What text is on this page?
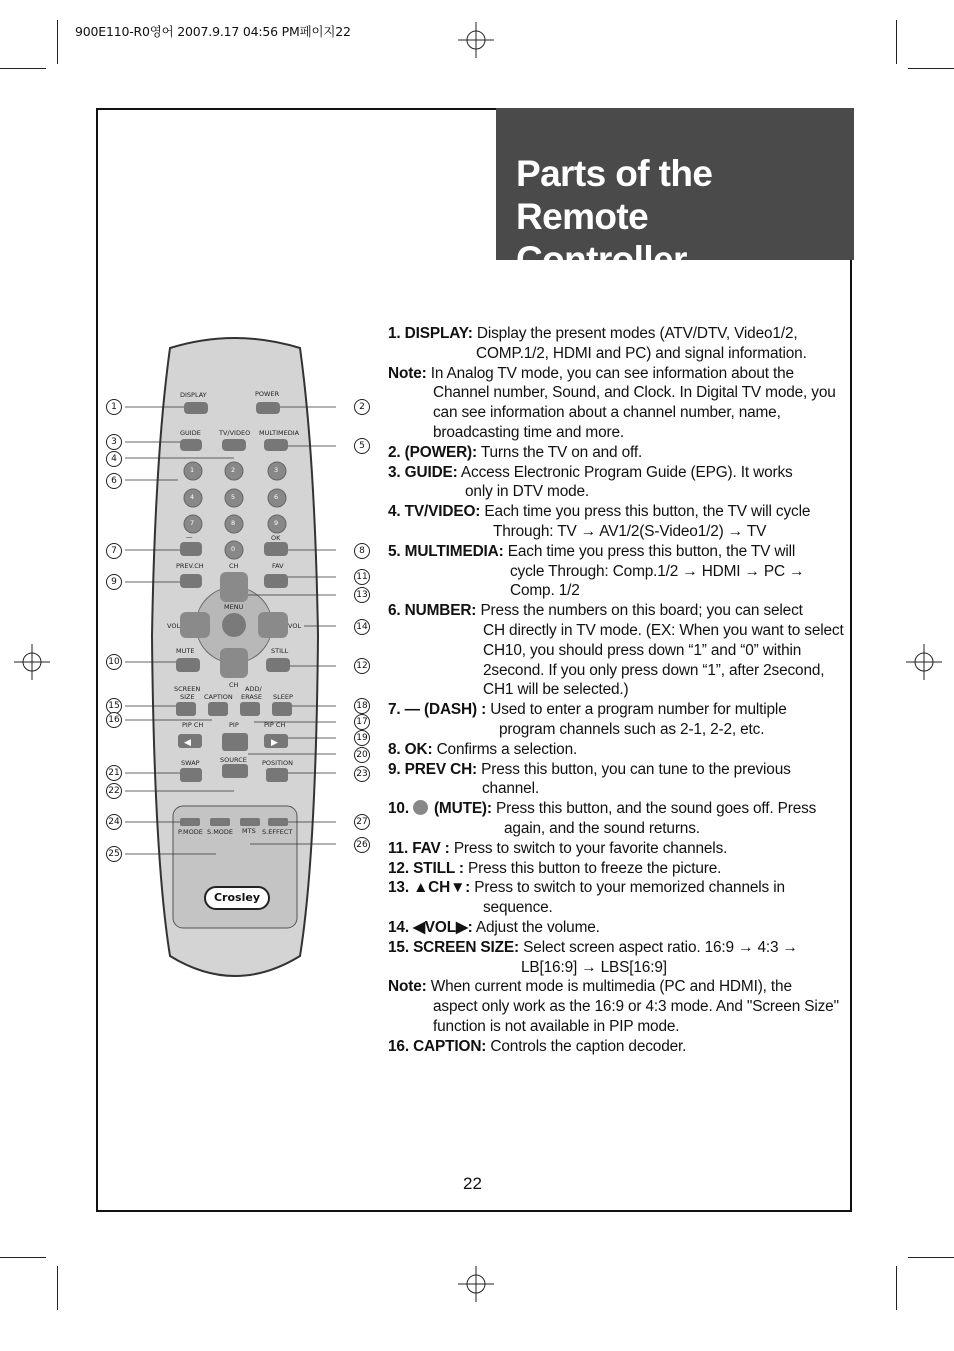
900E110-R0영어 2007.9.17 04:56 PM페이지22
Parts of the Remote
Controller
◀	▶
DISPLAY	POWER
GUIDE	TV/VIDEO MULTIMEDIA
1	2	3
4	5	6
7	8	9
0
—	OK
PREV.CH	CH	FAV
MENU
VOL	VOL
MUTE	STILL
CH
SCREEN
SIZE CAPTION
ADD/
ERASE SLEEP
PIP CH	PIP	PIP CH
SWAP	SOURCE POSITION
P.MODE S.MODE MTS S.EFFECT
Crosley
1	2
3
4
5
6
7	8
9
10
11
12
13
14
15
16	17
18
19
20
21
22
23
24
25
26
27
1. DISPLAY: Display the present modes (ATV/DTV, Video1/2,
COMP.1/2, HDMI and PC) and signal information.
Note: In Analog TV mode, you can see information about the
Channel number, Sound, and Clock. In Digital TV mode, you can see information about a channel number, name, broadcasting time and more.
2. (POWER): Turns the TV on and off.
3. GUIDE: Access Electronic Program Guide (EPG). It works
only in DTV mode.
4. TV/VIDEO: Each time you press this button, the TV will cycle
Through: TV → AV1/2(S-Video1/2) → TV
5. MULTIMEDIA: Each time you press this button, the TV will
cycle Through: Comp.1/2 → HDMI → PC → Comp. 1/2
6. NUMBER: Press the numbers on this board; you can select
CH directly in TV mode. (EX: When you want to select CH10, you should press down “1” and “0” within 2second. If you only press down “1”, after 2second, CH1 will be selected.)
7. — (DASH) : Used to enter a program number for multiple
program channels such as 2-1, 2-2, etc.
8. OK: Confirms a selection.
9. PREV CH: Press this button, you can tune to the previous
channel.
10. (MUTE): Press this button, and the sound goes off. Press
again, and the sound returns.
11. FAV : Press to switch to your favorite channels.
12. STILL : Press this button to freeze the picture.
13. ▲CH▼: Press to switch to your memorized channels in
sequence.
14. ◀VOL▶: Adjust the volume.
15. SCREEN SIZE: Select screen aspect ratio. 16:9 → 4:3 →
LB[16:9] → LBS[16:9]
Note: When current mode is multimedia (PC and HDMI), the
aspect only work as the 16:9 or 4:3 mode. And "Screen Size" function is not available in PIP mode.
16. CAPTION: Controls the caption decoder.
22
